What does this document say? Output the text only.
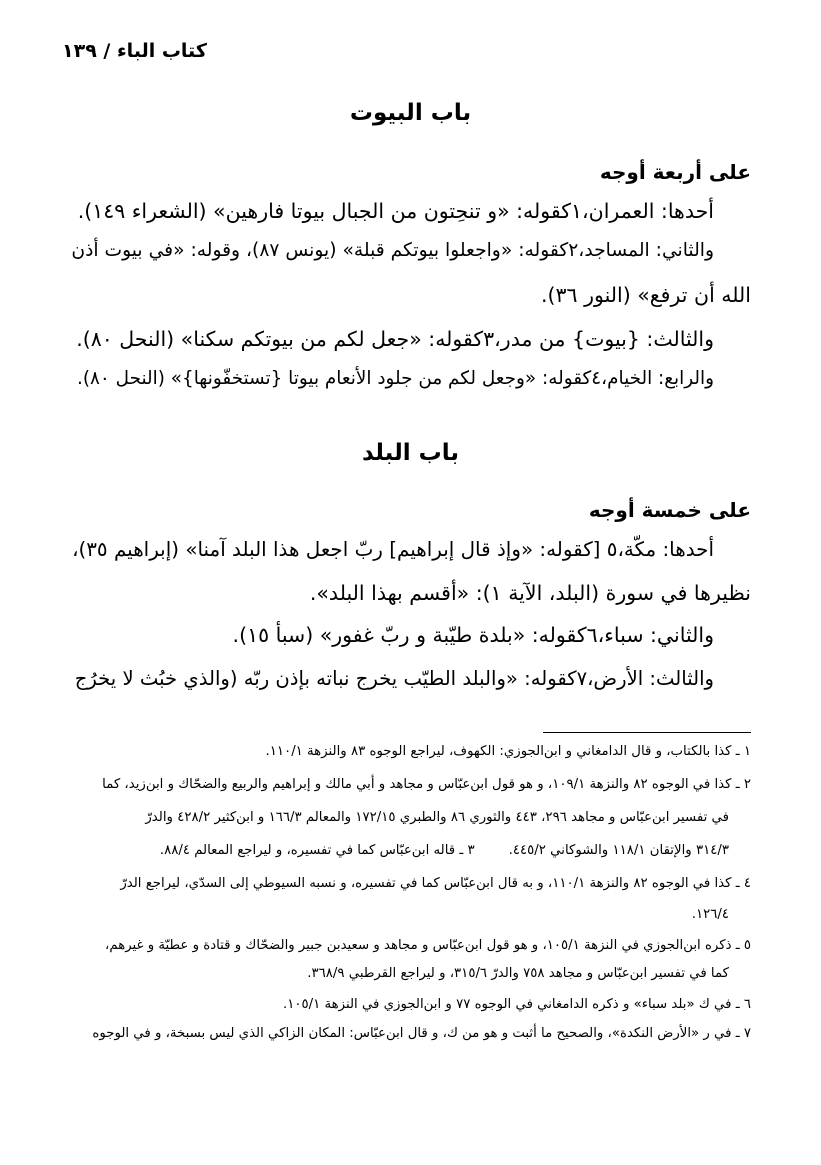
كتاب الباء / ١٣٩
باب البيوت
على أربعة أوجه
أحدها: العمران،١كقوله: «و تنحِتون من الجبال بيوتا فارهين» (الشعراء ١٤٩).
والثاني: المساجد،٢كقوله: «واجعلوا بيوتكم قبلة» (يونس ٨٧)، وقوله: «في بيوت أذن
الله أن ترفع» (النور ٣٦).
والثالث: {بيوت} من مدر،٣كقوله: «جعل لكم من بيوتكم سكنا» (النحل ٨٠).
والرابع: الخيام،٤كقوله: «وجعل لكم من جلود الأنعام بيوتا {تستخفّونها}» (النحل ٨٠).
باب البلد
على خمسة أوجه
أحدها: مكّة،٥ [كقوله: «وإذ قال إبراهيم] ربّ اجعل هذا البلد آمنا» (إبراهيم ٣٥)،
نظيرها في سورة (البلد، الآية ١): «أقسم بهذا البلد».
والثاني: سباء،٦كقوله: «بلدة طيّبة و ربّ غفور» (سبأ ١٥).
والثالث: الأرض،٧كقوله: «والبلد الطيّب يخرج نباته بإذن ربّه (والذي خبُث لا يخرُج
١ ـ كذا بالكتاب، و قال الدامغاني و ابن‌الجوزي: الكهوف، ليراجع الوجوه ٨٣ والنزهة ١١٠/١.
٢ ـ كذا في الوجوه ٨٢ والنزهة ١٠٩/١، و هو قول ابن‌عبّاس و مجاهد و أبي مالك و إبراهيم والربيع والضحّاك و ابن‌زيد، كما
في تفسير ابن‌عبّاس و مجاهد ٢٩٦، ٤٤٣ والثوري ٨٦ والطبري ١٧٢/١٥ والمعالم ١٦٦/٣ و ابن‌كثير ٤٢٨/٢ والدرّ
٣١٤/٣ والإتقان ١١٨/١ والشوكاني ٤٤٥/٢.٣ ـ قاله ابن‌عبّاس كما في تفسيره، و ليراجع المعالم ٨٨/٤.
٤ ـ كذا في الوجوه ٨٢ والنزهة ١١٠/١، و به قال ابن‌عبّاس كما في تفسيره، و نسبه السيوطي إلى السدّي، ليراجع الدرّ
١٢٦/٤.
٥ ـ ذكره ابن‌الجوزي في النزهة ١٠٥/١، و هو قول ابن‌عبّاس و مجاهد و سعيدبن جبير والضحّاك و قتادة و عطيّة و غيرهم،
كما في تفسير ابن‌عبّاس و مجاهد ٧٥٨ والدرّ ٣١٥/٦، و ليراجع القرطبي ٣٦٨/٩.
٦ ـ في ك «بلد سباء» و ذكره الدامغاني في الوجوه ٧٧ و ابن‌الجوزي في النزهة ١٠٥/١.
٧ ـ في ر «الأرض النكدة»، والصحيح ما أثبت و هو من ك، و قال ابن‌عبّاس: المكان الزاكي الذي ليس بسبخة، و في الوجوه
